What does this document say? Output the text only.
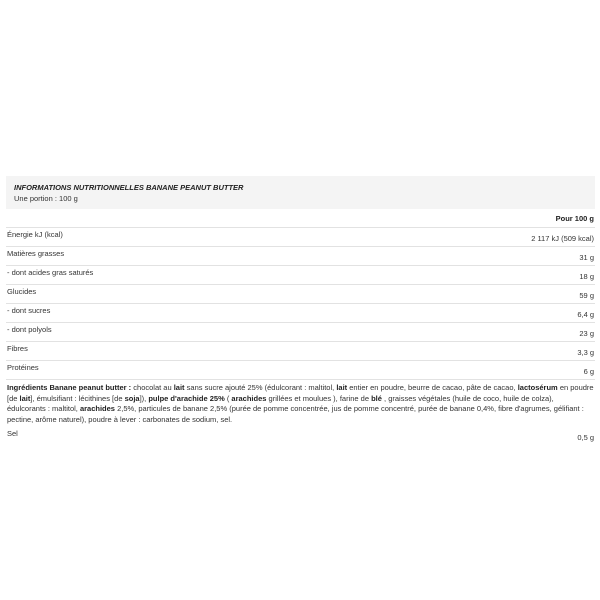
INFORMATIONS NUTRITIONNELLES BANANE PEANUT BUTTER
Une portion : 100 g
Pour 100 g
Énergie kJ (kcal)	2 117 kJ (509 kcal)
Matières grasses	31 g
- dont acides gras saturés	18 g
Glucides	59 g
- dont sucres	6,4 g
- dont polyols	23 g
Fibres	3,3 g
Protéines	6 g
Ingrédients Banane peanut butter : chocolat au lait sans sucre ajouté 25% (édulcorant : maltitol, lait entier en poudre, beurre de cacao, pâte de cacao, lactosérum en poudre [de lait], émulsifiant : lécithines [de soja]), pulpe d'arachide 25% ( arachides grillées et moulues ), farine de blé , graisses végétales (huile de coco, huile de colza), édulcorants : maltitol, arachides 2,5%, particules de banane 2,5% (purée de pomme concentrée, jus de pomme concentré, purée de banane 0,4%, fibre d'agrumes, gélifiant : pectine, arôme naturel), poudre à lever : carbonates de sodium, sel.
Sel	0,5 g
